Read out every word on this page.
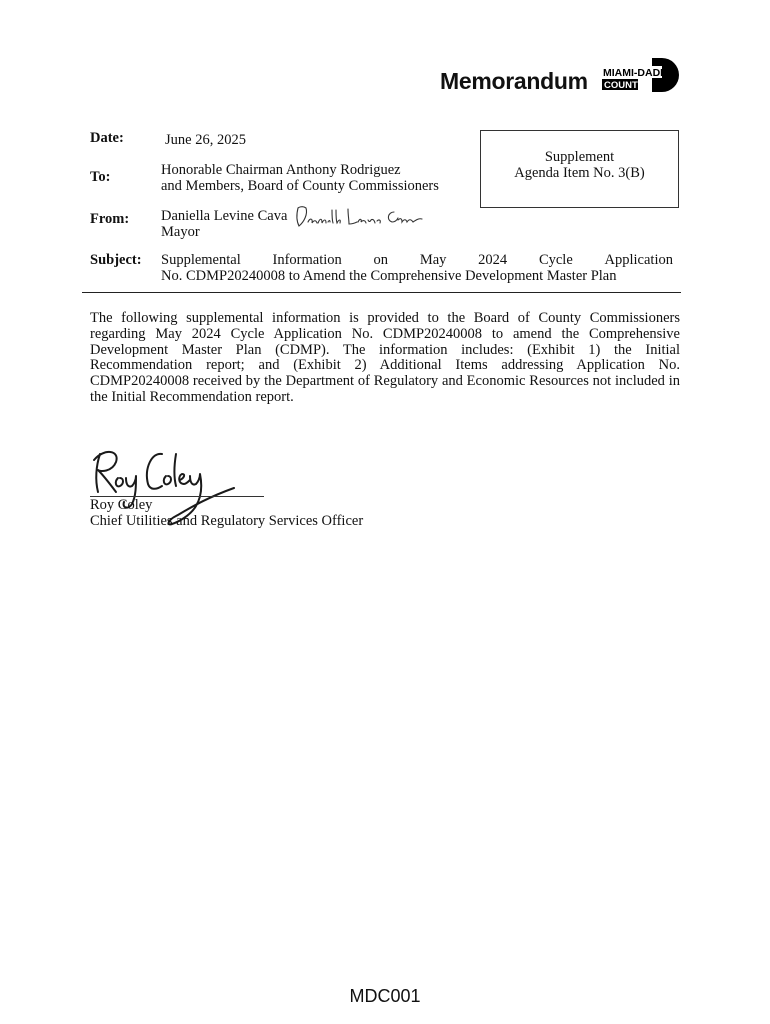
Memorandum MIAMI-DADE
COUNTY
Date:	June 26, 2025
To:	Honorable Chairman Anthony Rodriguez
and Members, Board of County Commissioners
Supplement
Agenda Item No. 3(B)
From: Daniella Levine Cava
Mayor
Subject: Supplemental Information on May 2024 Cycle Application
No. CDMP20240008 to Amend the Comprehensive Development Master Plan
The following supplemental information is provided to the Board of County Commissioners regarding May 2024 Cycle Application No. CDMP20240008 to amend the Comprehensive Development Master Plan (CDMP). The information includes: (Exhibit 1) the Initial Recommendation report; and (Exhibit 2) Additional Items addressing Application No. CDMP20240008 received by the Department of Regulatory and Economic Resources not included in the Initial Recommendation report.
Roy Coley
Chief Utilities and Regulatory Services Officer
MDC001
